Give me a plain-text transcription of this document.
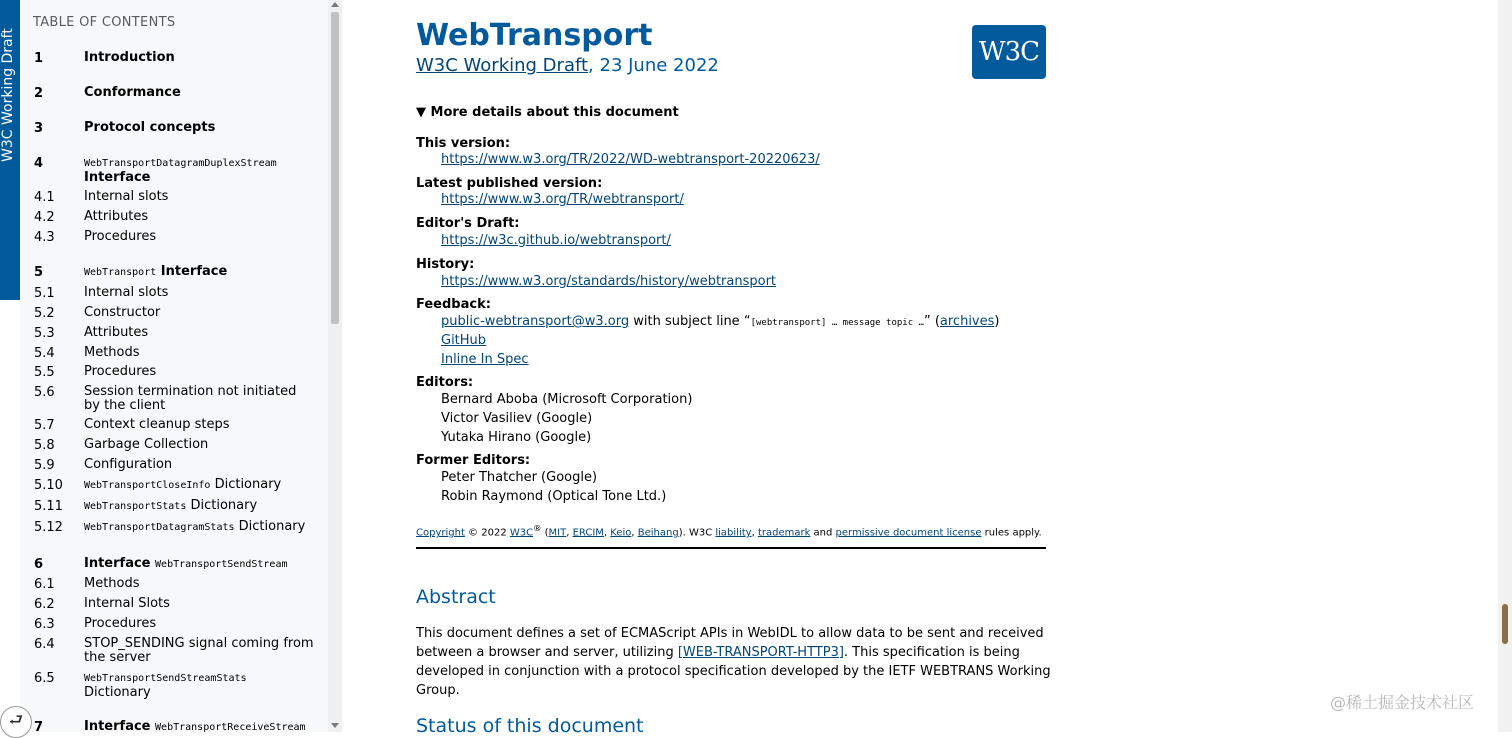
W3C Working Draft
TABLE OF CONTENTS
1	Introduction
2	Conformance
3	Protocol concepts
4	WebTransportDatagramDuplexStream
Interface
4.1	Internal slots
4.2	Attributes
4.3	Procedures
5	WebTransport Interface
5.1	Internal slots
5.2	Constructor
5.3	Attributes
5.4	Methods
5.5	Procedures
5.6	Session termination not initiated by the client
5.7	Context cleanup steps
5.8	Garbage Collection
5.9	Configuration
5.10	WebTransportCloseInfo Dictionary
5.11	WebTransportStats Dictionary
5.12	WebTransportDatagramStats Dictionary
6	Interface WebTransportSendStream
6.1	Methods
6.2	Internal Slots
6.3	Procedures
6.4	STOP_SENDING signal coming from the server
6.5	WebTransportSendStreamStats
Dictionary
7	Interface WebTransportReceiveStream
⮐
WebTransport
W3C Working Draft, 23 June 2022	W3C
▼ More details about this document
This version:
https://www.w3.org/TR/2022/WD-webtransport-20220623/
Latest published version:
https://www.w3.org/TR/webtransport/
Editor's Draft:
https://w3c.github.io/webtransport/
History:
https://www.w3.org/standards/history/webtransport
Feedback:
public-webtransport@w3.org with subject line “[webtransport] … message topic …” (archives)
GitHub
Inline In Spec
Editors:
Bernard Aboba (Microsoft Corporation)
Victor Vasiliev (Google)
Yutaka Hirano (Google)
Former Editors:
Peter Thatcher (Google)
Robin Raymond (Optical Tone Ltd.)
Copyright © 2022 W3C® (MIT, ERCIM, Keio, Beihang). W3C liability, trademark and permissive document license rules apply.
Abstract

This document defines a set of ECMAScript APIs in WebIDL to allow data to be sent and received between a browser and server, utilizing [WEB-TRANSPORT-HTTP3]. This specification is being developed in conjunction with a protocol specification developed by the IETF WEBTRANS Working Group.

Status of this document
@稀土掘金技术社区
